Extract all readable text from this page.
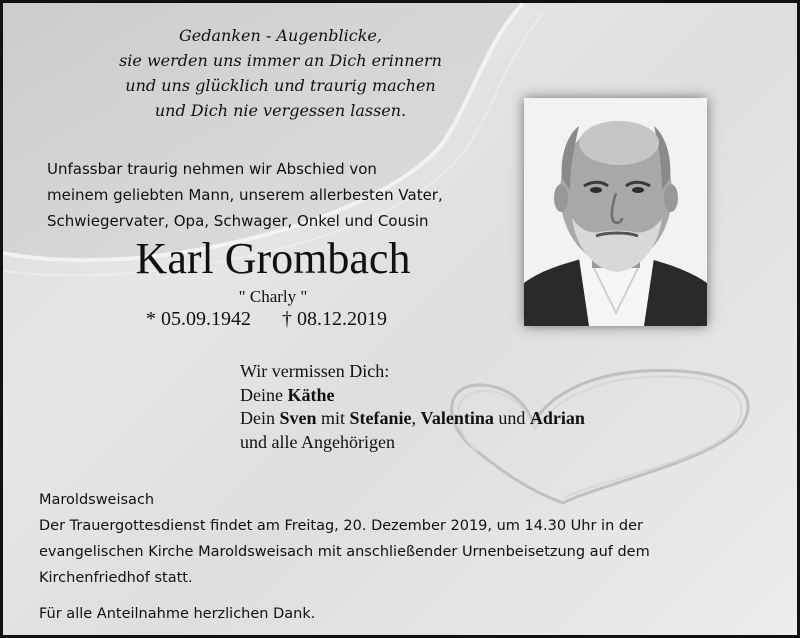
Gedanken - Augenblicke,
sie werden uns immer an Dich erinnern
und uns glücklich und traurig machen
und Dich nie vergessen lassen.
Unfassbar traurig nehmen wir Abschied von
meinem geliebten Mann, unserem allerbesten Vater,
Schwiegervater, Opa, Schwager, Onkel und Cousin
Karl Grombach
" Charly "
* 05.09.1942 † 08.12.2019
Wir vermissen Dich:
Deine Käthe
Dein Sven mit Stefanie, Valentina und Adrian
und alle Angehörigen
Maroldsweisach
Der Trauergottesdienst findet am Freitag, 20. Dezember 2019, um 14.30 Uhr in der
evangelischen Kirche Maroldsweisach mit anschließender Urnenbeisetzung auf dem
Kirchenfriedhof statt.
Für alle Anteilnahme herzlichen Dank.
